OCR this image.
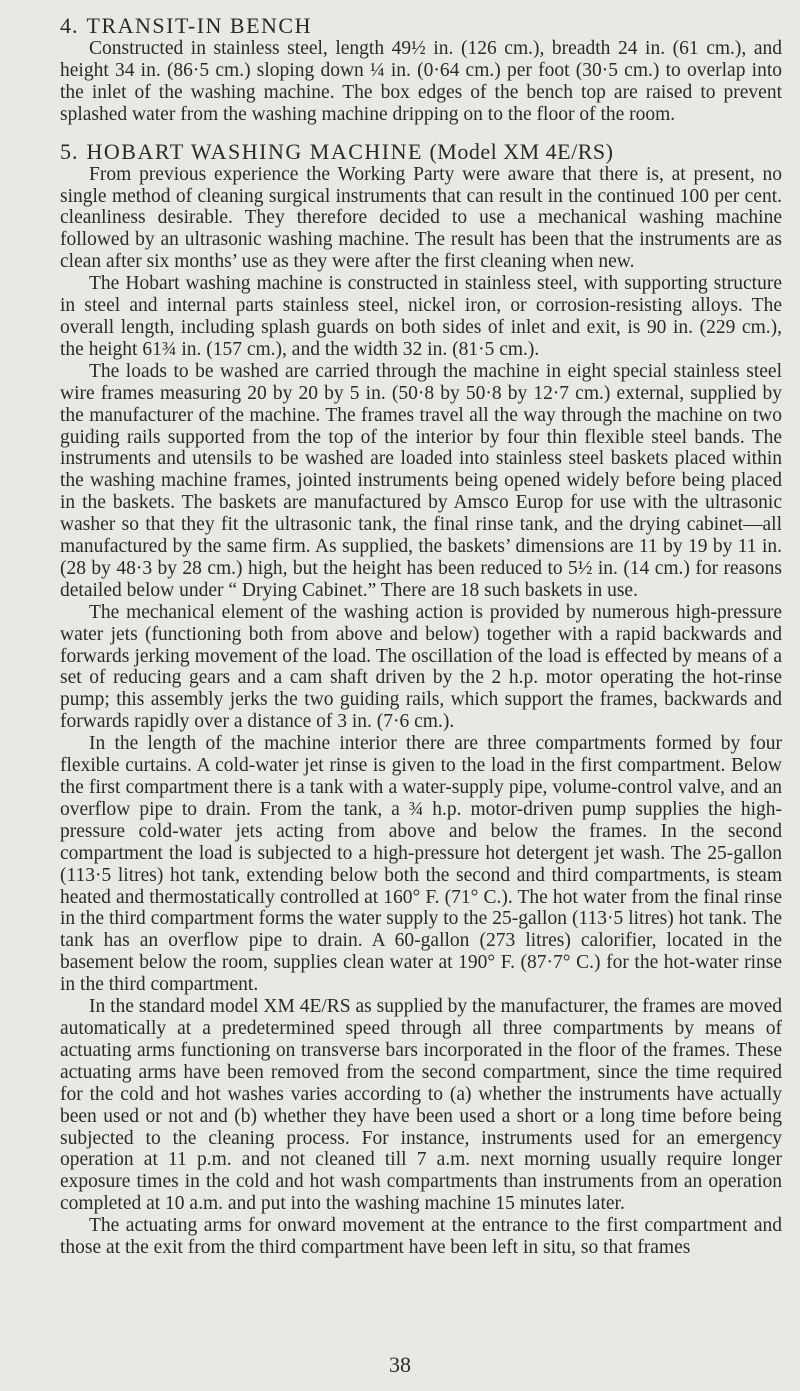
4. TRANSIT-IN BENCH

Constructed in stainless steel, length 49½ in. (126 cm.), breadth 24 in. (61 cm.), and height 34 in. (86·5 cm.) sloping down ¼ in. (0·64 cm.) per foot (30·5 cm.) to overlap into the inlet of the washing machine. The box edges of the bench top are raised to prevent splashed water from the washing machine dripping on to the floor of the room.

5. HOBART WASHING MACHINE (Model XM 4E/RS)

From previous experience the Working Party were aware that there is, at present, no single method of cleaning surgical instruments that can result in the continued 100 per cent. cleanliness desirable. They therefore decided to use a mechanical washing machine followed by an ultrasonic washing machine. The result has been that the instruments are as clean after six months’ use as they were after the first cleaning when new.

The Hobart washing machine is constructed in stainless steel, with supporting structure in steel and internal parts stainless steel, nickel iron, or corrosion-resisting alloys. The overall length, including splash guards on both sides of inlet and exit, is 90 in. (229 cm.), the height 61¾ in. (157 cm.), and the width 32 in. (81·5 cm.).

The loads to be washed are carried through the machine in eight special stainless steel wire frames measuring 20 by 20 by 5 in. (50·8 by 50·8 by 12·7 cm.) external, supplied by the manufacturer of the machine. The frames travel all the way through the machine on two guiding rails supported from the top of the interior by four thin flexible steel bands. The instruments and utensils to be washed are loaded into stainless steel baskets placed within the washing machine frames, jointed instruments being opened widely before being placed in the baskets. The baskets are manufactured by Amsco Europ for use with the ultrasonic washer so that they fit the ultrasonic tank, the final rinse tank, and the drying cabinet—all manufactured by the same firm. As supplied, the baskets’ dimensions are 11 by 19 by 11 in. (28 by 48·3 by 28 cm.) high, but the height has been reduced to 5½ in. (14 cm.) for reasons detailed below under “ Drying Cabinet.” There are 18 such baskets in use.

The mechanical element of the washing action is provided by numerous high-pressure water jets (functioning both from above and below) together with a rapid backwards and forwards jerking movement of the load. The oscillation of the load is effected by means of a set of reducing gears and a cam shaft driven by the 2 h.p. motor operating the hot-rinse pump; this assembly jerks the two guiding rails, which support the frames, backwards and forwards rapidly over a distance of 3 in. (7·6 cm.).

In the length of the machine interior there are three compartments formed by four flexible curtains. A cold-water jet rinse is given to the load in the first compartment. Below the first compartment there is a tank with a water-supply pipe, volume-control valve, and an overflow pipe to drain. From the tank, a ¾ h.p. motor-driven pump supplies the high-pressure cold-water jets acting from above and below the frames. In the second compartment the load is subjected to a high-pressure hot detergent jet wash. The 25-gallon (113·5 litres) hot tank, extending below both the second and third compartments, is steam heated and thermostatically controlled at 160° F. (71° C.). The hot water from the final rinse in the third compartment forms the water supply to the 25-gallon (113·5 litres) hot tank. The tank has an overflow pipe to drain. A 60-gallon (273 litres) calorifier, located in the basement below the room, supplies clean water at 190° F. (87·7° C.) for the hot-water rinse in the third compartment.

In the standard model XM 4E/RS as supplied by the manufacturer, the frames are moved automatically at a predetermined speed through all three compartments by means of actuating arms functioning on transverse bars incorporated in the floor of the frames. These actuating arms have been removed from the second compartment, since the time required for the cold and hot washes varies according to (a) whether the instruments have actually been used or not and (b) whether they have been used a short or a long time before being subjected to the cleaning process. For instance, instruments used for an emergency operation at 11 p.m. and not cleaned till 7 a.m. next morning usually require longer exposure times in the cold and hot wash compartments than instruments from an operation completed at 10 a.m. and put into the washing machine 15 minutes later.

The actuating arms for onward movement at the entrance to the first compartment and those at the exit from the third compartment have been left in situ, so that frames

38
